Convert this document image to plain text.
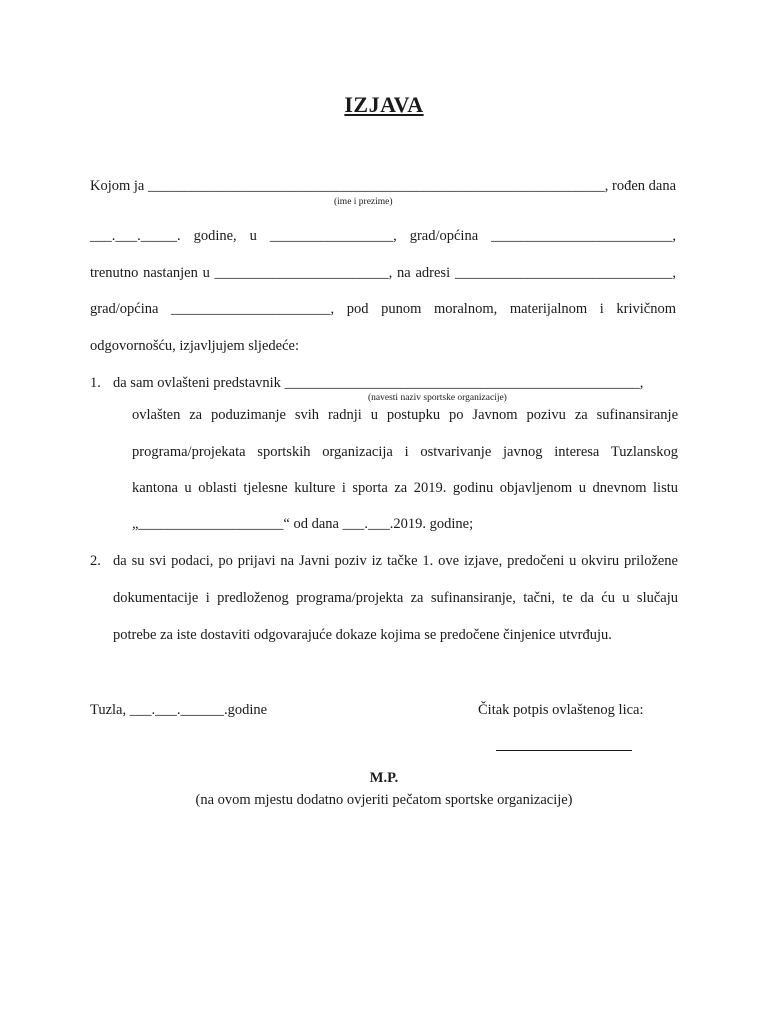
IZJAVA
Kojom ja _______________________________________________________________, rođen dana
(ime i prezime)
___.___._____. godine, u _________________, grad/općina _________________________,
trenutno nastanjen u ________________________, na adresi ______________________________,
grad/općina ______________________, pod punom moralnom, materijalnom i krivičnom
odgovornošću, izjavljujem sljedeće:
1. da sam ovlašteni predstavnik _________________________________________________,
(navesti naziv sportske organizacije)
ovlašten za poduzimanje svih radnji u postupku po Javnom pozivu za sufinansiranje
programa/projekata sportskih organizacija i ostvarivanje javnog interesa Tuzlanskog
kantona u oblasti tjelesne kulture i sporta za 2019. godinu objavljenom u dnevnom listu
„____________________“ od dana ___.___.2019. godine;
2. da su svi podaci, po prijavi na Javni poziv iz tačke 1. ove izjave, predočeni u okviru priložene
dokumentacije i predloženog programa/projekta za sufinansiranje, tačni, te da ću u slučaju
potrebe za iste dostaviti odgovarajuće dokaze kojima se predočene činjenice utvrđuju.
Tuzla, ___.___.______.godine	Čitak potpis ovlaštenog lica:
M.P.
(na ovom mjestu dodatno ovjeriti pečatom sportske organizacije)
